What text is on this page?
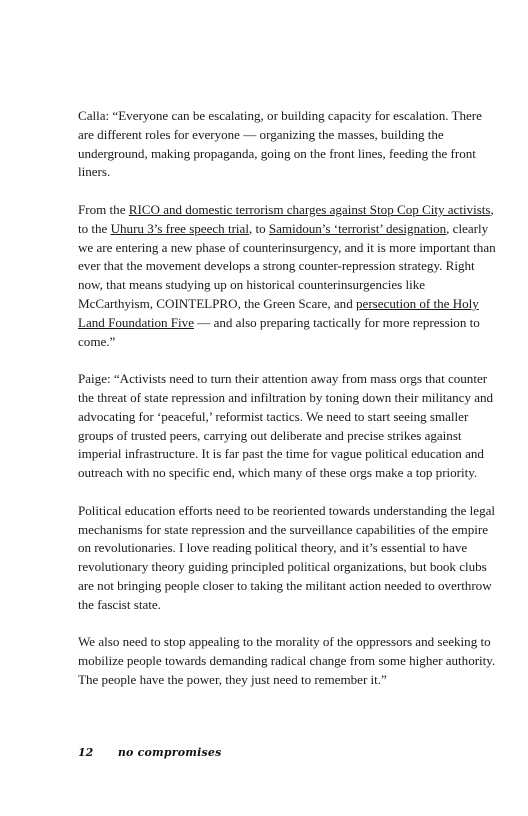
Calla: “Everyone can be escalating, or building capacity for escalation. There are different roles for everyone — organizing the masses, building the underground, making propaganda, going on the front lines, feeding the front liners.

From the RICO and domestic terrorism charges against Stop Cop City activists, to the Uhuru 3’s free speech trial, to Samidoun’s ‘terrorist’ designation, clearly we are entering a new phase of counterinsurgency, and it is more important than ever that the movement develops a strong counter-repression strategy. Right now, that means studying up on historical counterinsurgencies like McCarthyism, COINTELPRO, the Green Scare, and persecution of the Holy Land Foundation Five — and also preparing tactically for more repression to come.”

Paige: “Activists need to turn their attention away from mass orgs that counter the threat of state repression and infiltration by toning down their militancy and advocating for ‘peaceful,’ reformist tactics. We need to start seeing smaller groups of trusted peers, carrying out deliberate and precise strikes against imperial infrastructure. It is far past the time for vague political education and outreach with no specific end, which many of these orgs make a top priority.

Political education efforts need to be reoriented towards understanding the legal mechanisms for state repression and the surveillance capabilities of the empire on revolutionaries. I love reading political theory, and it’s essential to have revolutionary theory guiding principled political organizations, but book clubs are not bringing people closer to taking the militant action needed to overthrow the fascist state.

We also need to stop appealing to the morality of the oppressors and seeking to mobilize people towards demanding radical change from some higher authority. The people have the power, they just need to remember it.”

12 no compromises
